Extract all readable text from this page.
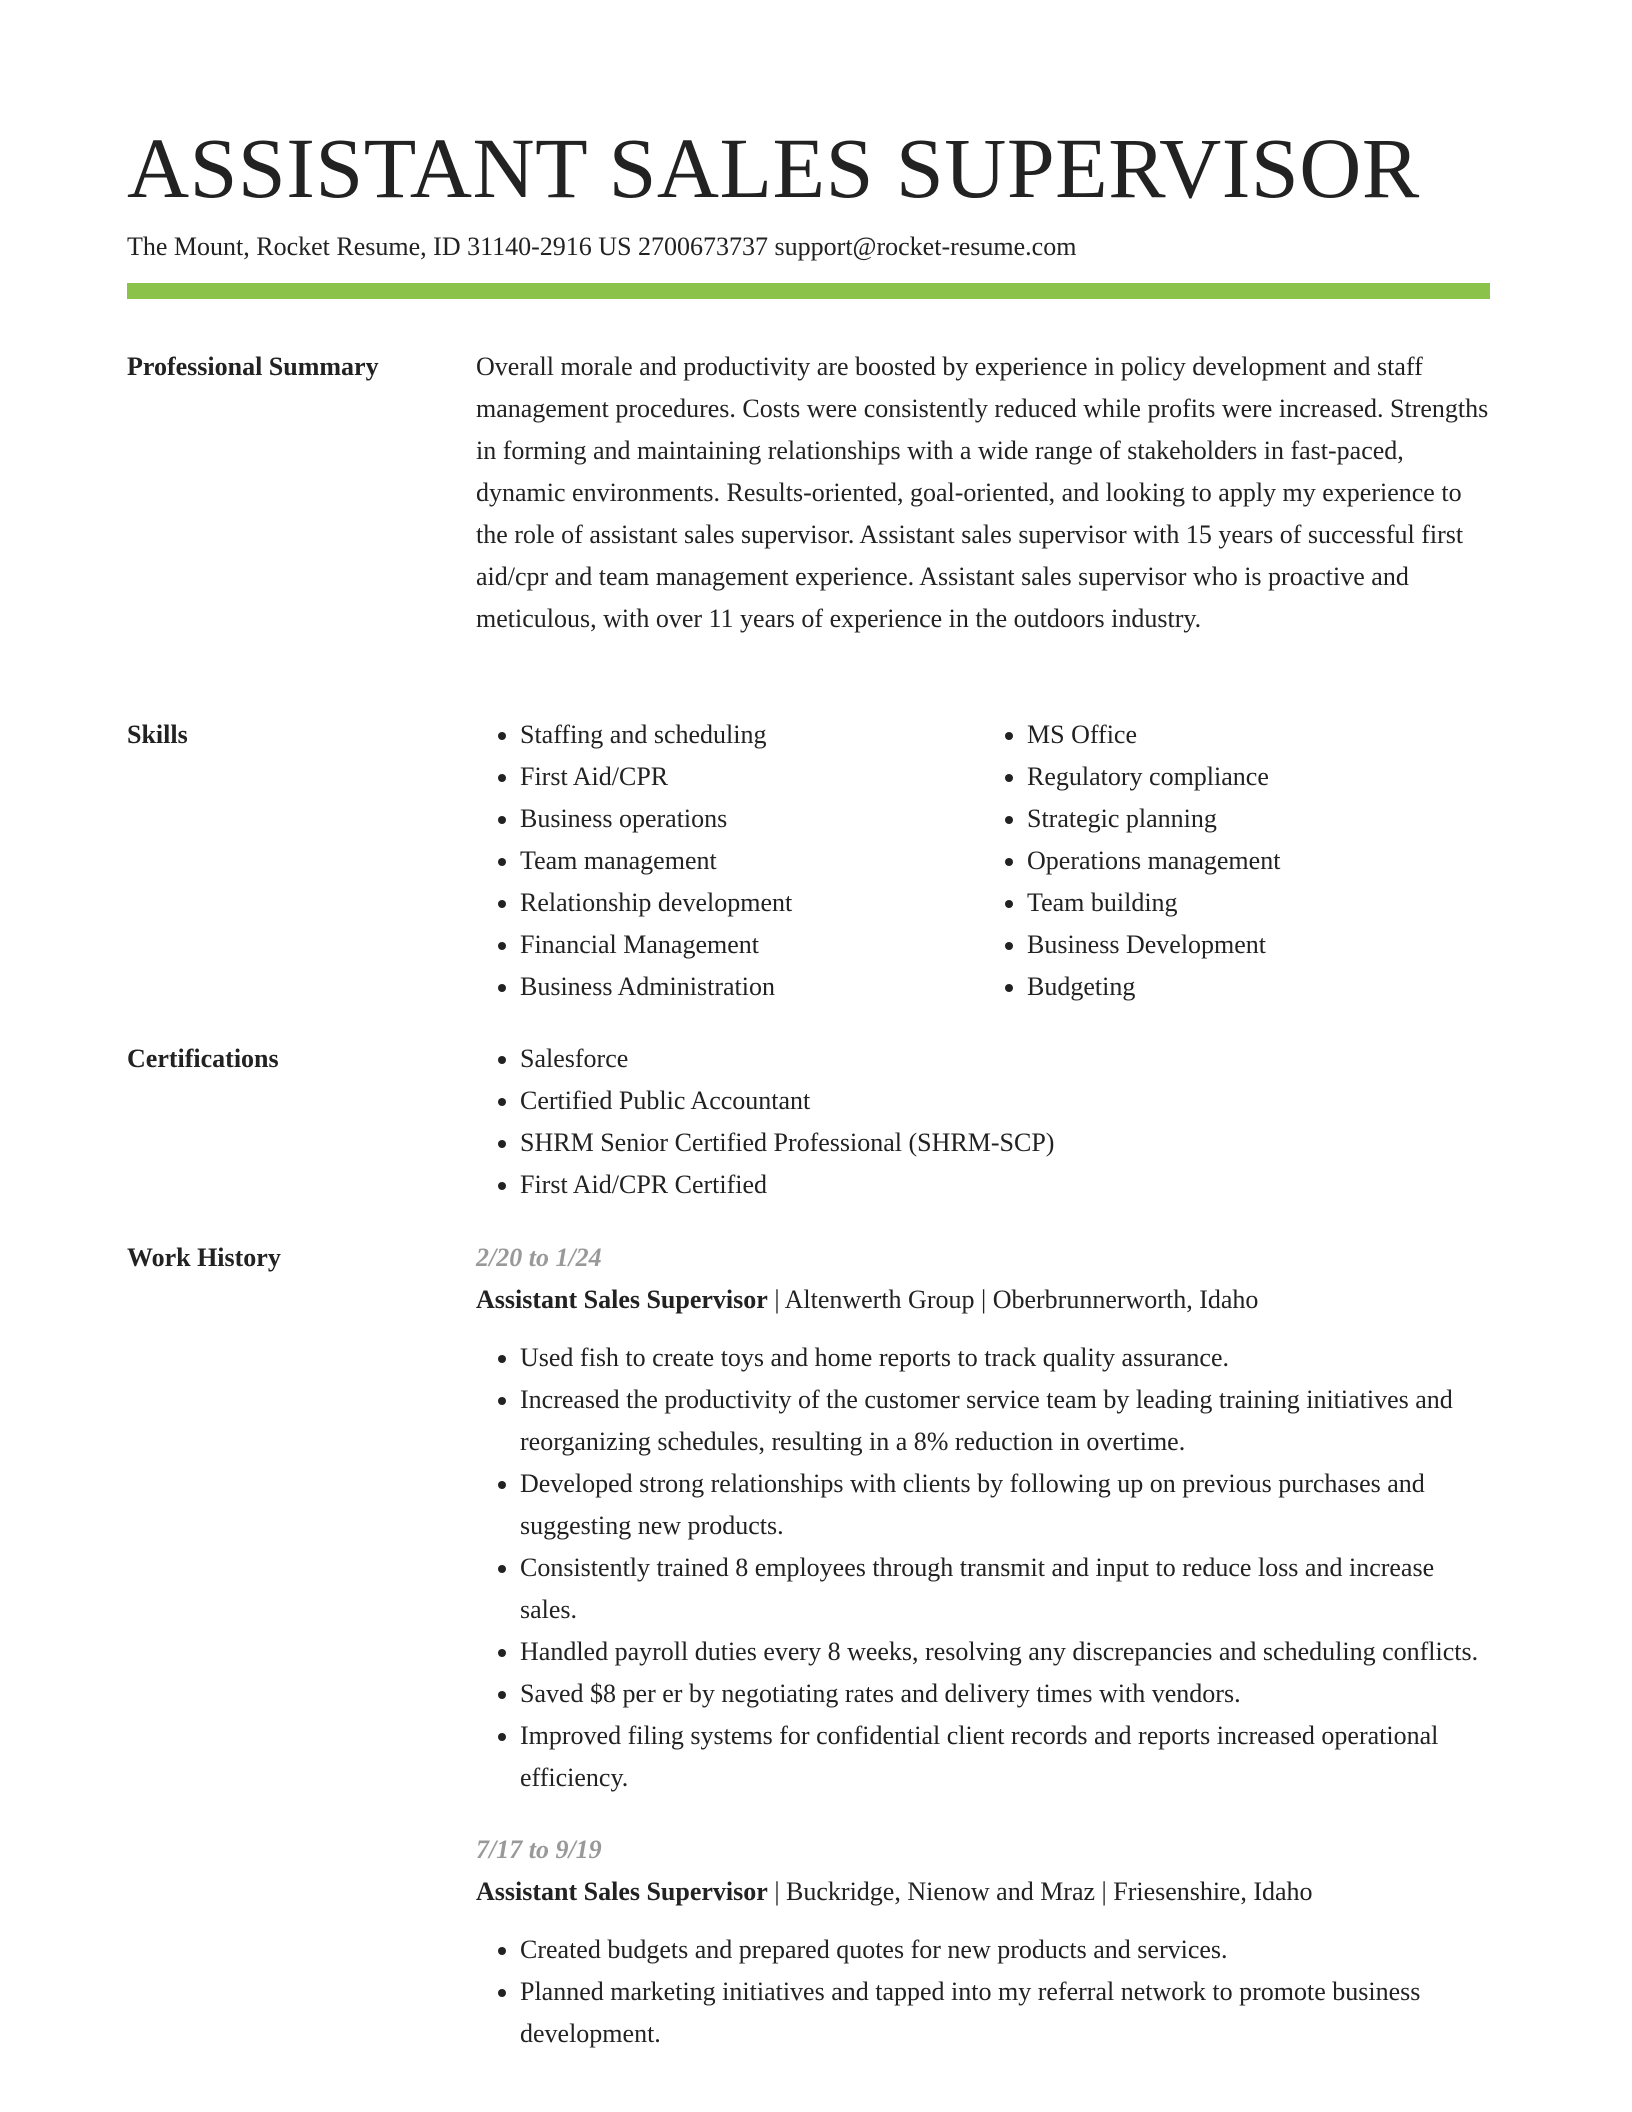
ASSISTANT SALES SUPERVISOR
The Mount, Rocket Resume, ID 31140-2916 US 2700673737 support@rocket-resume.com
Professional Summary	Overall morale and productivity are boosted by experience in policy development and staff management procedures. Costs were consistently reduced while profits were increased. Strengths in forming and maintaining relationships with a wide range of stakeholders in fast-paced, dynamic environments. Results-oriented, goal-oriented, and looking to apply my experience to the role of assistant sales supervisor. Assistant sales supervisor with 15 years of successful first aid/cpr and team management experience. Assistant sales supervisor who is proactive and meticulous, with over 11 years of experience in the outdoors industry.

Skills	• Staffing and scheduling
• First Aid/CPR
• Business operations
• Team management
• Relationship development
• Financial Management
• Business Administration
• MS Office
• Regulatory compliance
• Strategic planning
• Operations management
• Team building
• Business Development
• Budgeting
Certifications	• Salesforce
• Certified Public Accountant
• SHRM Senior Certified Professional (SHRM-SCP)
• First Aid/CPR Certified
Work History	2/20 to 1/24
Assistant Sales Supervisor | Altenwerth Group | Oberbrunnerworth, Idaho
• Used fish to create toys and home reports to track quality assurance.
• Increased the productivity of the customer service team by leading training initiatives and reorganizing schedules, resulting in a 8% reduction in overtime.
• Developed strong relationships with clients by following up on previous purchases and suggesting new products.
• Consistently trained 8 employees through transmit and input to reduce loss and increase sales.
• Handled payroll duties every 8 weeks, resolving any discrepancies and scheduling conflicts.
• Saved $8 per er by negotiating rates and delivery times with vendors.
• Improved filing systems for confidential client records and reports increased operational efficiency.
7/17 to 9/19
Assistant Sales Supervisor | Buckridge, Nienow and Mraz | Friesenshire, Idaho
• Created budgets and prepared quotes for new products and services.
• Planned marketing initiatives and tapped into my referral network to promote business development.
